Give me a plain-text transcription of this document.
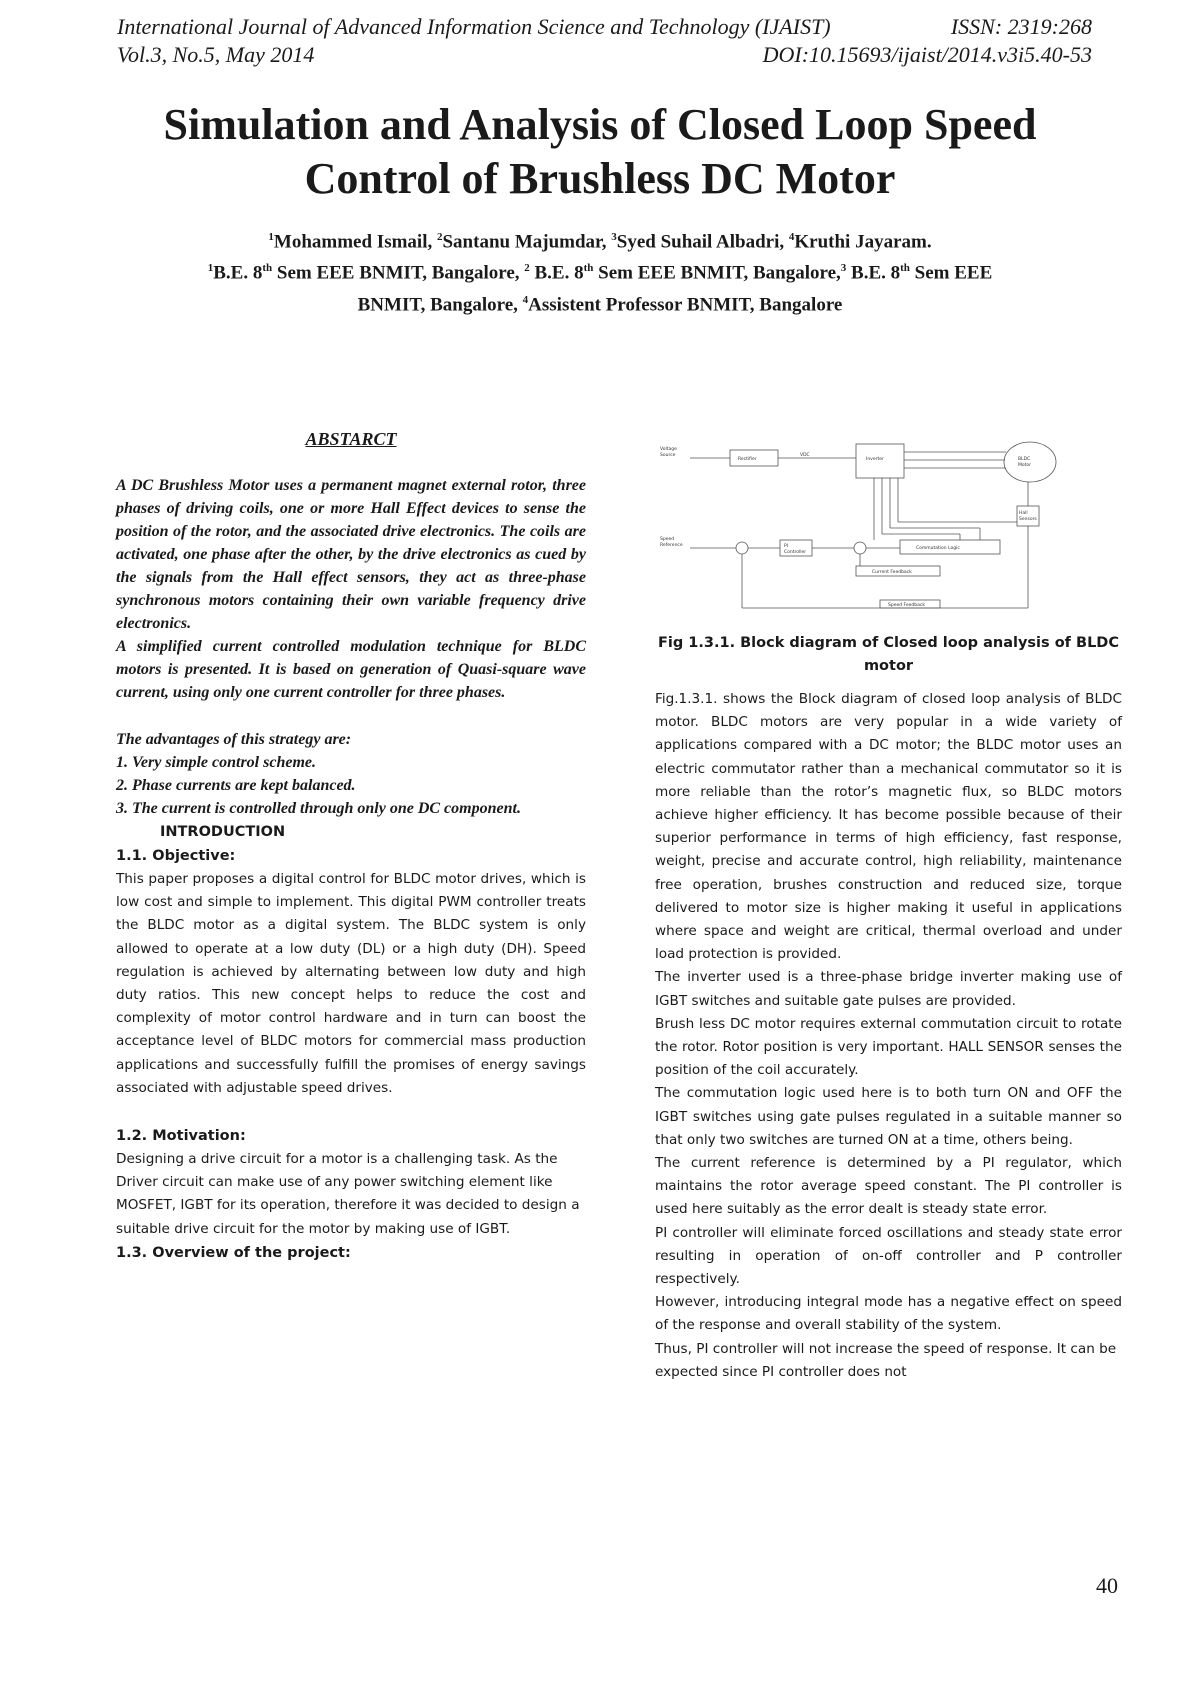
International Journal of Advanced Information Science and Technology (IJAIST)	ISSN: 2319:268
Vol.3, No.5, May 2014	DOI:10.15693/ijaist/2014.v3i5.40-53
Simulation and Analysis of Closed Loop Speed
Control of Brushless DC Motor
$^1$Mohammed Ismail, $^2$Santanu Majumdar, $^3$Syed Suhail Albadri, $^4$Kruthi Jayaram.
$^1$B.E. 8th Sem EEE BNMIT, Bangalore, $^2$ B.E. 8th Sem EEE BNMIT, Bangalore,$^3$ B.E. 8th Sem EEE
BNMIT, Bangalore, $^4$Assistent Professor BNMIT, Bangalore

ABSTARCT

A DC Brushless Motor uses a permanent magnet external rotor, three phases of driving coils, one or more Hall Effect devices to sense the position of the rotor, and the associated drive electronics. The coils are activated, one phase after the other, by the drive electronics as cued by the signals from the Hall effect sensors, they act as three-phase synchronous motors containing their own variable frequency drive electronics.

A simplified current controlled modulation technique for BLDC motors is presented. It is based on generation of Quasi-square wave current, using only one current controller for three phases.

The advantages of this strategy are:

1. Very simple control scheme.

2. Phase currents are kept balanced.

3. The current is controlled through only one DC component.

INTRODUCTION

1.1. Objective:

This paper proposes a digital control for BLDC motor drives, which is low cost and simple to implement. This digital PWM controller treats the BLDC motor as a digital system. The BLDC system is only allowed to operate at a low duty (DL) or a high duty (DH). Speed regulation is achieved by alternating between low duty and high duty ratios. This new concept helps to reduce the cost and complexity of motor control hardware and in turn can boost the acceptance level of BLDC motors for commercial mass production applications and successfully fulfill the promises of energy savings associated with adjustable speed drives.

1.2. Motivation:

Designing a drive circuit for a motor is a challenging task. As the Driver circuit can make use of any power switching element like MOSFET, IGBT for its operation, therefore it was decided to design a suitable drive circuit for the motor by making use of IGBT.

1.3. Overview of the project:

Voltage
Source
Rectifier
VDC
Inverter	BLDC
Motor
Hall
Sensors
Speed
Reference	PI
Controller
Commutation Logic
Current Feedback
Speed Feedback
Fig 1.3.1. Block diagram of Closed loop analysis of BLDC motor

Fig.1.3.1. shows the Block diagram of closed loop analysis of BLDC motor. BLDC motors are very popular in a wide variety of applications compared with a DC motor; the BLDC motor uses an electric commutator rather than a mechanical commutator so it is more reliable than the rotor’s magnetic flux, so BLDC motors achieve higher efficiency. It has become possible because of their superior performance in terms of high efficiency, fast response, weight, precise and accurate control, high reliability, maintenance free operation, brushes construction and reduced size, torque delivered to motor size is higher making it useful in applications where space and weight are critical, thermal overload and under load protection is provided.

The inverter used is a three-phase bridge inverter making use of IGBT switches and suitable gate pulses are provided.

Brush less DC motor requires external commutation circuit to rotate the rotor. Rotor position is very important. HALL SENSOR senses the position of the coil accurately.

The commutation logic used here is to both turn ON and OFF the IGBT switches using gate pulses regulated in a suitable manner so that only two switches are turned ON at a time, others being.

The current reference is determined by a PI regulator, which maintains the rotor average speed constant. The PI controller is used here suitably as the error dealt is steady state error.

PI controller will eliminate forced oscillations and steady state error resulting in operation of on-off controller and P controller respectively.

However, introducing integral mode has a negative effect on speed of the response and overall stability of the system.

Thus, PI controller will not increase the speed of response. It can be expected since PI controller does not

40
